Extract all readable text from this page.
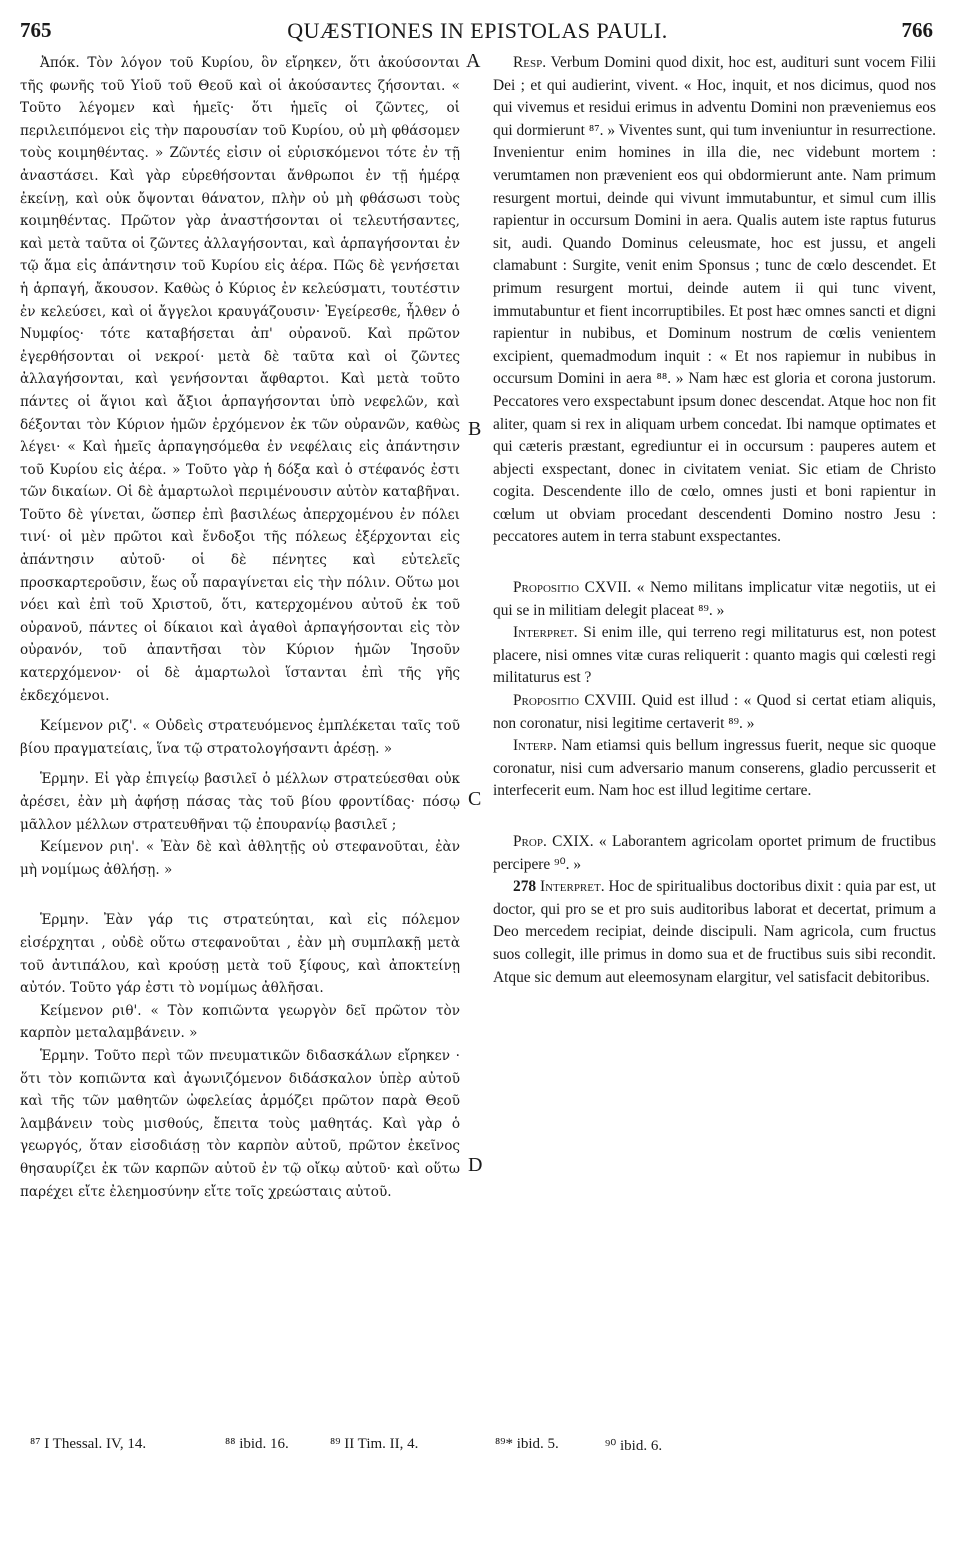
765	QUÆSTIONES IN EPISTOLAS PAULI.	766

Ἀπόκ. Τὸν λόγον τοῦ Κυρίου, ὃν εἴρηκεν, ὅτι ἀκούσονται τῆς φωνῆς τοῦ Υἱοῦ τοῦ Θεοῦ καὶ οἱ ἀκούσαντες ζήσονται. « Τοῦτο λέγομεν καὶ ἡμεῖς· ὅτι ἡμεῖς οἱ ζῶντες, οἱ περιλειπόμενοι εἰς τὴν παρουσίαν τοῦ Κυρίου, οὐ μὴ φθάσομεν τοὺς κοιμηθέντας. » Ζῶντές εἰσιν οἱ εὑρισκόμενοι τότε ἐν τῇ ἀναστάσει. Καὶ γὰρ εὑρεθήσονται ἄνθρωποι ἐν τῇ ἡμέρᾳ ἐκείνῃ, καὶ οὐκ ὄψονται θάνατον, πλὴν οὐ μὴ φθάσωσι τοὺς κοιμηθέντας. Πρῶτον γὰρ ἀναστήσονται οἱ τελευτήσαντες, καὶ μετὰ ταῦτα οἱ ζῶντες ἀλλαγήσονται, καὶ ἁρπαγήσονται ἐν τῷ ἅμα εἰς ἀπάντησιν τοῦ Κυρίου εἰς ἀέρα. Πῶς δὲ γενήσεται ἡ ἁρπαγή, ἄκουσον. Καθὼς ὁ Κύριος ἐν κελεύσματι, τουτέστιν ἐν κελεύσει, καὶ οἱ ἄγγελοι κραυγάζουσιν· Ἐγείρεσθε, ἦλθεν ὁ Νυμφίος· τότε καταβήσεται ἀπ' οὐρανοῦ. Καὶ πρῶτον ἐγερθήσονται οἱ νεκροί· μετὰ δὲ ταῦτα καὶ οἱ ζῶντες ἀλλαγήσονται, καὶ γενήσονται ἄφθαρτοι. Καὶ μετὰ τοῦτο πάντες οἱ ἅγιοι καὶ ἄξιοι ἁρπαγήσονται ὑπὸ νεφελῶν, καὶ δέξονται τὸν Κύριον ἡμῶν ἐρχόμενον ἐκ τῶν οὐρανῶν, καθὼς λέγει· « Καὶ ἡμεῖς ἁρπαγησόμεθα ἐν νεφέλαις εἰς ἀπάντησιν τοῦ Κυρίου εἰς ἀέρα. » Τοῦτο γὰρ ἡ δόξα καὶ ὁ στέφανός ἐστι τῶν δικαίων. Οἱ δὲ ἁμαρτωλοὶ περιμένουσιν αὐτὸν καταβῆναι. Τοῦτο δὲ γίνεται, ὥσπερ ἐπὶ βασιλέως ἀπερχομένου ἐν πόλει τινί· οἱ μὲν πρῶτοι καὶ ἔνδοξοι τῆς πόλεως ἐξέρχονται εἰς ἀπάντησιν αὐτοῦ· οἱ δὲ πένητες καὶ εὐτελεῖς προσκαρτεροῦσιν, ἕως οὗ παραγίνεται εἰς τὴν πόλιν. Οὕτω μοι νόει καὶ ἐπὶ τοῦ Χριστοῦ, ὅτι, κατερχομένου αὐτοῦ ἐκ τοῦ οὐρανοῦ, πάντες οἱ δίκαιοι καὶ ἀγαθοὶ ἁρπαγήσονται εἰς τὸν οὐρανόν, τοῦ ἀπαντῆσαι τὸν Κύριον ἡμῶν Ἰησοῦν κατερχόμενον· οἱ δὲ ἁμαρτωλοὶ ἵστανται ἐπὶ τῆς γῆς ἐκδεχόμενοι.

Κείμενον ριζ'. « Οὐδεὶς στρατευόμενος ἐμπλέκεται ταῖς τοῦ βίου πραγματείαις, ἵνα τῷ στρατολογήσαντι ἀρέσῃ. »

Ἑρμην. Εἰ γὰρ ἐπιγείῳ βασιλεῖ ὁ μέλλων στρατεύεσθαι οὐκ ἀρέσει, ἐὰν μὴ ἀφήσῃ πάσας τὰς τοῦ βίου φροντίδας· πόσῳ μᾶλλον μέλλων στρατευθῆναι τῷ ἐπουρανίῳ βασιλεῖ ;

Κείμενον ριη'. « Ἐὰν δὲ καὶ ἀθλητῇς οὐ στεφανοῦται, ἐὰν μὴ νομίμως ἀθλήσῃ. »

Ἑρμην. Ἐὰν γάρ τις στρατεύηται, καὶ εἰς πόλεμον εἰσέρχηται , οὐδὲ οὕτω στεφανοῦται , ἐὰν μὴ συμπλακῇ μετὰ τοῦ ἀντιπάλου, καὶ κρούσῃ μετὰ τοῦ ξίφους, καὶ ἀποκτείνῃ αὐτόν. Τοῦτο γάρ ἐστι τὸ νομίμως ἀθλῆσαι.

Κείμενον ριθ'. « Τὸν κοπιῶντα γεωργὸν δεῖ πρῶτον τὸν καρπὸν μεταλαμβάνειν. »

Ἑρμην. Τοῦτο περὶ τῶν πνευματικῶν διδασκάλων εἴρηκεν · ὅτι τὸν κοπιῶντα καὶ ἀγωνιζόμενον διδάσκαλον ὑπὲρ αὐτοῦ καὶ τῆς τῶν μαθητῶν ὠφελείας ἁρμόζει πρῶτον παρὰ Θεοῦ λαμβάνειν τοὺς μισθούς, ἔπειτα τοὺς μαθητάς. Καὶ γὰρ ὁ γεωργός, ὅταν εἰσοδιάσῃ τὸν καρπὸν αὐτοῦ, πρῶτον ἐκεῖνος θησαυρίζει ἐκ τῶν καρπῶν αὐτοῦ ἐν τῷ οἴκῳ αὐτοῦ· καὶ οὕτω παρέχει εἴτε ἐλεημοσύνην εἴτε τοῖς χρεώσταις αὐτοῦ.

A
B
C
D

Resp. Verbum Domini quod dixit, hoc est, audituri sunt vocem Filii Dei ; et qui audierint, vivent. « Hoc, inquit, et nos dicimus, quod nos qui vivemus et residui erimus in adventu Domini non præveniemus eos qui dormierunt ⁸⁷. » Viventes sunt, qui tum inveniuntur in resurrectione. Invenientur enim homines in illa die, nec videbunt mortem : verumtamen non prævenient eos qui obdormierunt ante. Nam primum resurgent mortui, deinde qui vivunt immutabuntur, et simul cum illis rapientur in occursum Domini in aera. Qualis autem iste raptus futurus sit, audi. Quando Dominus celeusmate, hoc est jussu, et angeli clamabunt : Surgite, venit enim Sponsus ; tunc de cœlo descendet. Et primum resurgent mortui, deinde autem ii qui tunc vivent, immutabuntur et fient incorruptibiles. Et post hæc omnes sancti et digni rapientur in nubibus, et Dominum nostrum de cœlis venientem excipient, quemadmodum inquit : « Et nos rapiemur in nubibus in occursum Domini in aera ⁸⁸. » Nam hæc est gloria et corona justorum. Peccatores vero exspectabunt ipsum donec descendat. Atque hoc non fit aliter, quam si rex in aliquam urbem concedat. Ibi namque optimates et qui cæteris præstant, egrediuntur ei in occursum : pauperes autem et abjecti exspectant, donec in civitatem veniat. Sic etiam de Christo cogita. Descendente illo de cœlo, omnes justi et boni rapientur in cœlum ut obviam procedant descendenti Domino nostro Jesu : peccatores autem in terra stabunt exspectantes.

Propositio CXVII. « Nemo militans implicatur vitæ negotiis, ut ei qui se in militiam delegit placeat ⁸⁹. »

Interpret. Si enim ille, qui terreno regi militaturus est, non potest placere, nisi omnes vitæ curas reliquerit : quanto magis qui cœlesti regi militaturus est ?

Propositio CXVIII. Quid est illud : « Quod si certat etiam aliquis, non coronatur, nisi legitime certaverit ⁸⁹. »

Interp. Nam etiamsi quis bellum ingressus fuerit, neque sic quoque coronatur, nisi cum adversario manum conserens, gladio percusserit et interfecerit eum. Nam hoc est illud legitime certare.

Prop. CXIX. « Laborantem agricolam oportet primum de fructibus percipere ⁹⁰. »

278 Interpret. Hoc de spiritualibus doctoribus dixit : quia par est, ut doctor, qui pro se et pro suis auditoribus laborat et decertat, primum a Deo mercedem recipiat, deinde discipuli. Nam agricola, cum fructus suos collegit, ille primus in domo sua et de fructibus suis sibi recondit. Atque sic demum aut eleemosynam elargitur, vel satisfacit debitoribus.

⁸⁷ I Thessal. IV, 14.	⁸⁸ ibid. 16.	⁸⁹ II Tim. II, 4.	⁸⁹* ibid. 5.	⁹⁰ ibid. 6.
